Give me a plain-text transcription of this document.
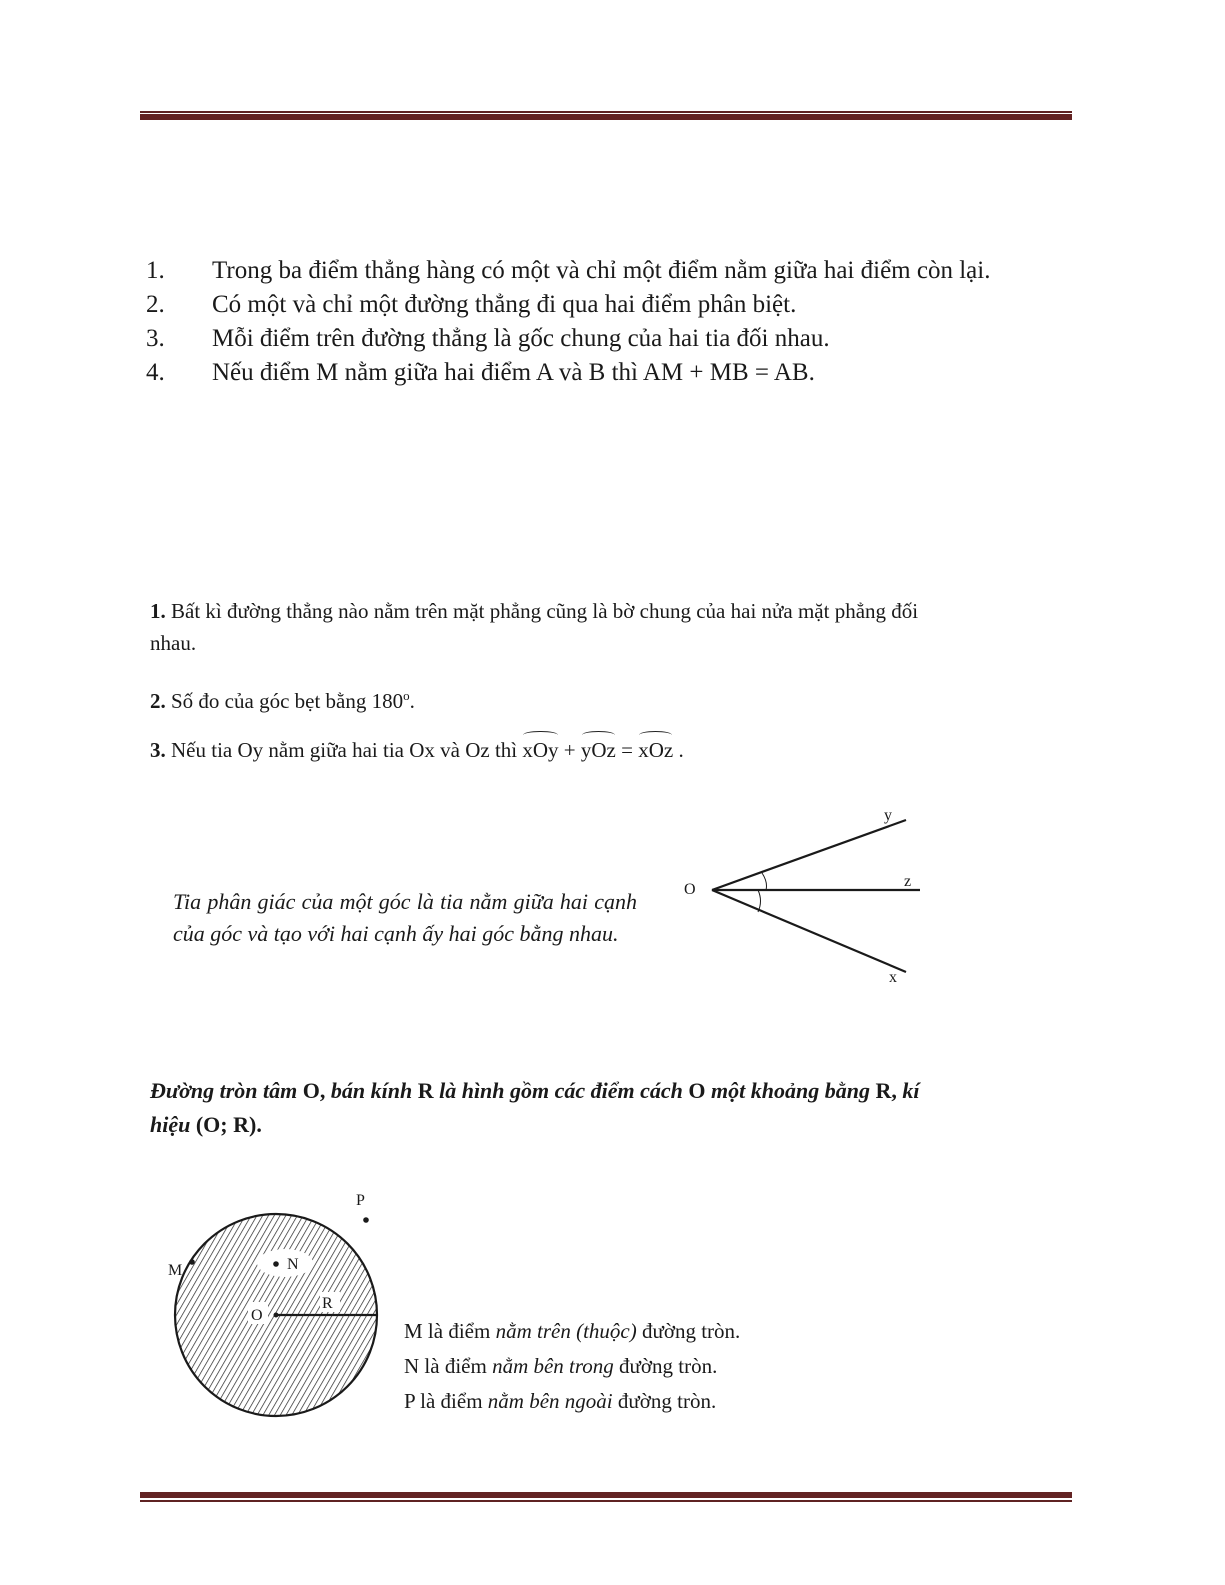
1.	Trong ba điểm thẳng hàng có một và chỉ một điểm nằm giữa hai điểm còn lại.
2.	Có một và chỉ một đường thẳng đi qua hai điểm phân biệt.
3.	Mỗi điểm trên đường thẳng là gốc chung của hai tia đối nhau.
4.	Nếu điểm M nằm giữa hai điểm A và B thì AM + MB = AB.
1. Bất kì đường thẳng nào nằm trên mặt phẳng cũng là bờ chung của hai nửa mặt phẳng đối nhau.
2. Số đo của góc bẹt bằng 180$^o$.
3. Nếu tia Oy nằm giữa hai tia Ox và Oz thì xOy + yOz = xOz .
Tia phân giác của một góc là tia nằm giữa hai cạnh của góc và tạo với hai cạnh ấy hai góc bằng nhau.
O
y
z
x
Đường tròn tâm O, bán kính R là hình gồm các điểm cách O một khoảng bằng R, kí hiệu (O; R).
O
R
N
M
P
M là điểm nằm trên (thuộc) đường tròn.
N là điểm nằm bên trong đường tròn.
P là điểm nằm bên ngoài đường tròn.
